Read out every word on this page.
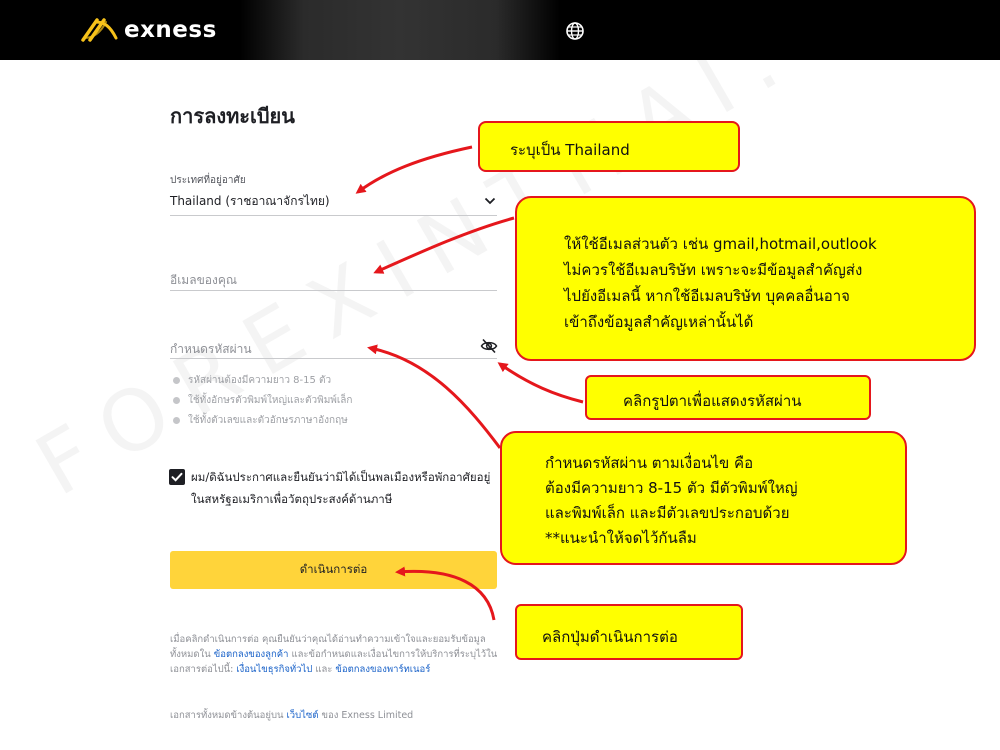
exness
การลงทะเบียน
ประเทศที่อยู่อาศัย
Thailand (ราชอาณาจักรไทย)
อีเมลของคุณ
กำหนดรหัสผ่าน
รหัสผ่านต้องมีความยาว 8-15 ตัว
ใช้ทั้งอักษรตัวพิมพ์ใหญ่และตัวพิมพ์เล็ก
ใช้ทั้งตัวเลขและตัวอักษรภาษาอังกฤษ
ผม/ดิฉันประกาศและยืนยันว่ามิได้เป็นพลเมืองหรือพักอาศัยอยู่ในสหรัฐอเมริกาเพื่อวัตถุประสงค์ด้านภาษี
ดำเนินการต่อ
เมื่อคลิกดำเนินการต่อ คุณยืนยันว่าคุณได้อ่านทำความเข้าใจและยอมรับข้อมูลทั้งหมดใน ข้อตกลงของลูกค้า และข้อกำหนดและเงื่อนไขการให้บริการที่ระบุไว้ในเอกสารต่อไปนี้: เงื่อนไขธุรกิจทั่วไป และ ข้อตกลงของพาร์ทเนอร์
เอกสารทั้งหมดข้างต้นอยู่บน เว็บไซต์ ของ Exness Limited
ระบุเป็น Thailand
ให้ใช้อีเมลส่วนตัว เช่น gmail,hotmail,outlook
ไม่ควรใช้อีเมลบริษัท เพราะจะมีข้อมูลสำคัญส่ง
ไปยังอีเมลนี้ หากใช้อีเมลบริษัท บุคคลอื่นอาจ
เข้าถึงข้อมูลสำคัญเหล่านั้นได้
คลิกรูปตาเพื่อแสดงรหัสผ่าน
กำหนดรหัสผ่าน ตามเงื่อนไข คือ
ต้องมีความยาว 8-15 ตัว มีตัวพิมพ์ใหญ่
และพิมพ์เล็ก และมีตัวเลขประกอบด้วย
**แนะนำให้จดไว้กันลืม
คลิกปุ่มดำเนินการต่อ
